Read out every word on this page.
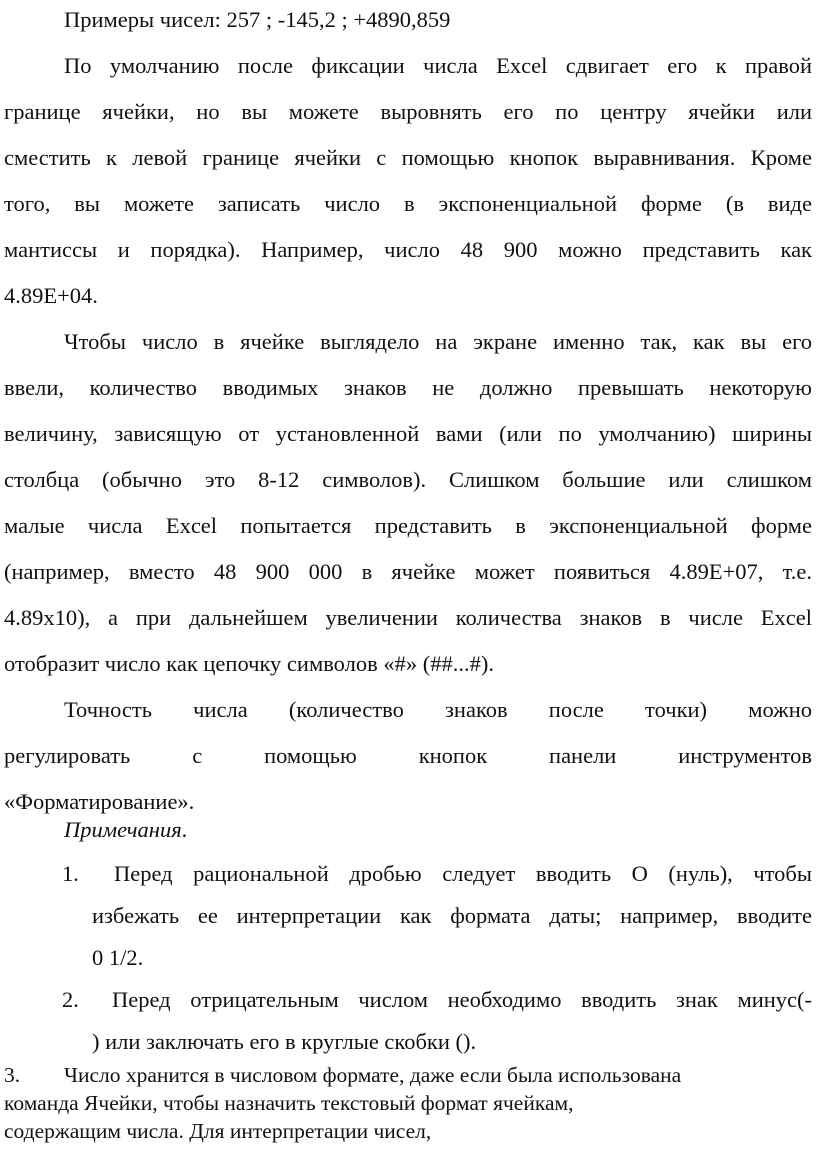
Примеры чисел: 257 ; -145,2 ; +4890,859
По умолчанию после фиксации числа Excel сдвигает его к правой
границе ячейки, но вы можете выровнять его по центру ячейки или
сместить к левой границе ячейки с помощью кнопок выравнивания. Кроме
того, вы можете записать число в экспоненциальной форме (в виде
мантиссы и порядка). Например, число 48 900 можно представить как
4.89E+04.
Чтобы число в ячейке выглядело на экране именно так, как вы его
ввели, количество вводимых знаков не должно превышать некоторую
величину, зависящую от установленной вами (или по умолчанию) ширины
столбца (обычно это 8-12 символов). Слишком большие или слишком
малые числа Excel попытается представить в экспоненциальной форме
(например, вместо 48 900 000 в ячейке может появиться 4.89E+07, т.е.
4.89x10), а при дальнейшем увеличении количества знаков в числе Excel
отобразит число как цепочку символов «#» (##...#).
Точность числа (количество знаков после точки) можно
регулировать с помощью кнопок панели инструментов
«Форматирование».
Примечания.
1. Перед рациональной дробью следует вводить О (нуль), чтобы
избежать ее интерпретации как формата даты; например, вводите
0 1/2.
2. Перед отрицательным числом необходимо вводить знак минус(-
) или заключать его в круглые скобки ().
3. Число хранится в числовом формате, даже если была использована
команда Ячейки, чтобы назначить текстовый формат ячейкам,
содержащим числа. Для интерпретации чисел,
